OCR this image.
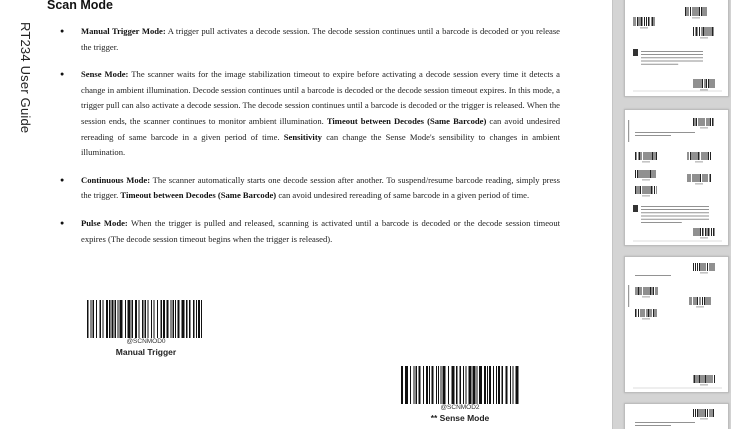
RT234 User Guide
Scan Mode
● Manual Trigger Mode: A trigger pull activates a decode session. The decode session continues until a barcode is decoded or you release the trigger.
● Sense Mode: The scanner waits for the image stabilization timeout to expire before activating a decode session every time it detects a change in ambient illumination. Decode session continues until a barcode is decoded or the decode session timeout expires. In this mode, a trigger pull can also activate a decode session. The decode session continues until a barcode is decoded or the trigger is released. When the session ends, the scanner continues to monitor ambient illumination. Timeout between Decodes (Same Barcode) can avoid undesired rereading of same barcode in a given period of time. Sensitivity can change the Sense Mode's sensibility to changes in ambient illumination.
● Continuous Mode: The scanner automatically starts one decode session after another. To suspend/resume barcode reading, simply press the trigger. Timeout between Decodes (Same Barcode) can avoid undesired rereading of same barcode in a given period of time.
● Pulse Mode: When the trigger is pulled and released, scanning is activated until a barcode is decoded or the decode session timeout expires (The decode session timeout begins when the trigger is released).
@SCNMOD0
Manual Trigger
@SCNMOD2
** Sense Mode
